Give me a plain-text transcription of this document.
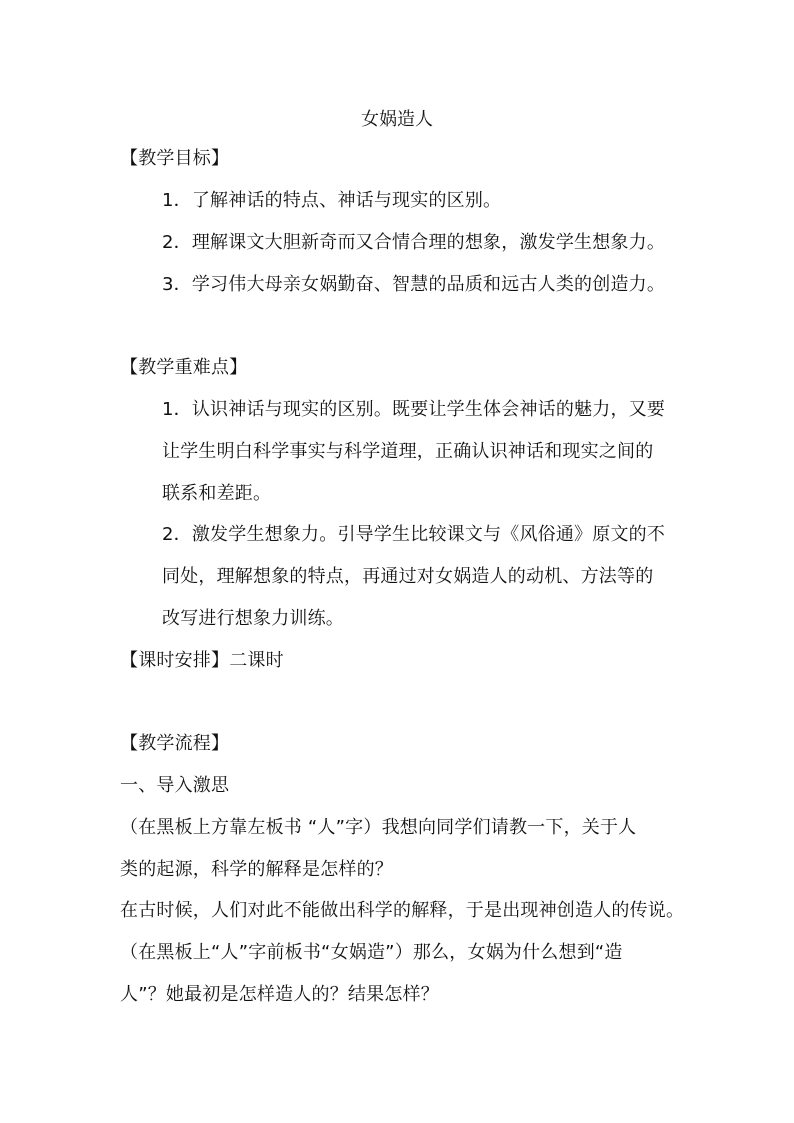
女娲造人
【教学目标】
1．了解神话的特点、神话与现实的区别。
2．理解课文大胆新奇而又合情合理的想象，激发学生想象力。
3．学习伟大母亲女娲勤奋、智慧的品质和远古人类的创造力。
【教学重难点】
1．认识神话与现实的区别。既要让学生体会神话的魅力，又要
让学生明白科学事实与科学道理，正确认识神话和现实之间的
联系和差距。
2．激发学生想象力。引导学生比较课文与《风俗通》原文的不
同处，理解想象的特点，再通过对女娲造人的动机、方法等的
改写进行想象力训练。
【课时安排】二课时
【教学流程】
一、导入激思
（在黑板上方靠左板书 “人”字）我想向同学们请教一下，关于人
类的起源，科学的解释是怎样的？
在古时候，人们对此不能做出科学的解释，于是出现神创造人的传说。
（在黑板上“人”字前板书“女娲造”）那么，女娲为什么想到“造
人”？她最初是怎样造人的？结果怎样？
